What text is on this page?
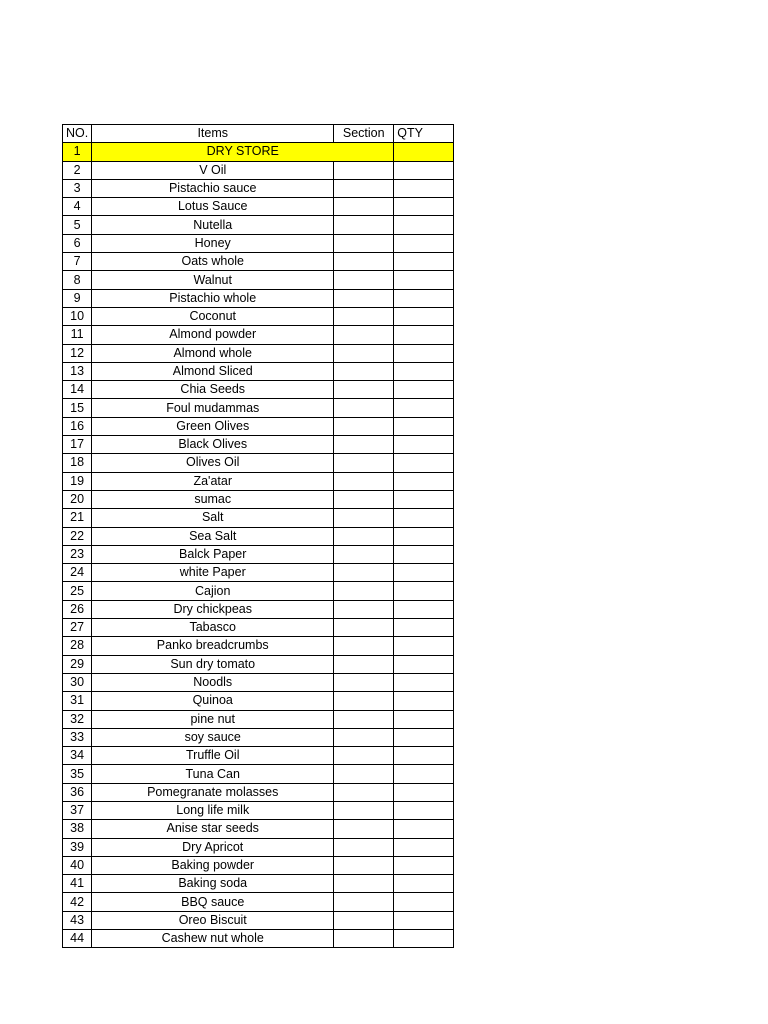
NO.	Items	Section	QTY
1	DRY STORE		
2	V Oil		
3	Pistachio sauce		
4	Lotus Sauce		
5	Nutella		
6	Honey		
7	Oats whole		
8	Walnut		
9	Pistachio whole		
10	Coconut		
11	Almond powder		
12	Almond whole		
13	Almond Sliced		
14	Chia Seeds		
15	Foul mudammas		
16	Green Olives		
17	Black Olives		
18	Olives Oil		
19	Za'atar		
20	sumac		
21	Salt		
22	Sea Salt		
23	Balck Paper		
24	white Paper		
25	Cajion		
26	Dry chickpeas		
27	Tabasco		
28	Panko breadcrumbs		
29	Sun dry tomato		
30	Noodls		
31	Quinoa		
32	pine nut		
33	soy sauce		
34	Truffle Oil		
35	Tuna Can		
36	Pomegranate molasses		
37	Long life milk		
38	Anise star seeds		
39	Dry Apricot		
40	Baking powder		
41	Baking soda		
42	BBQ sauce		
43	Oreo Biscuit		
44	Cashew nut whole		
